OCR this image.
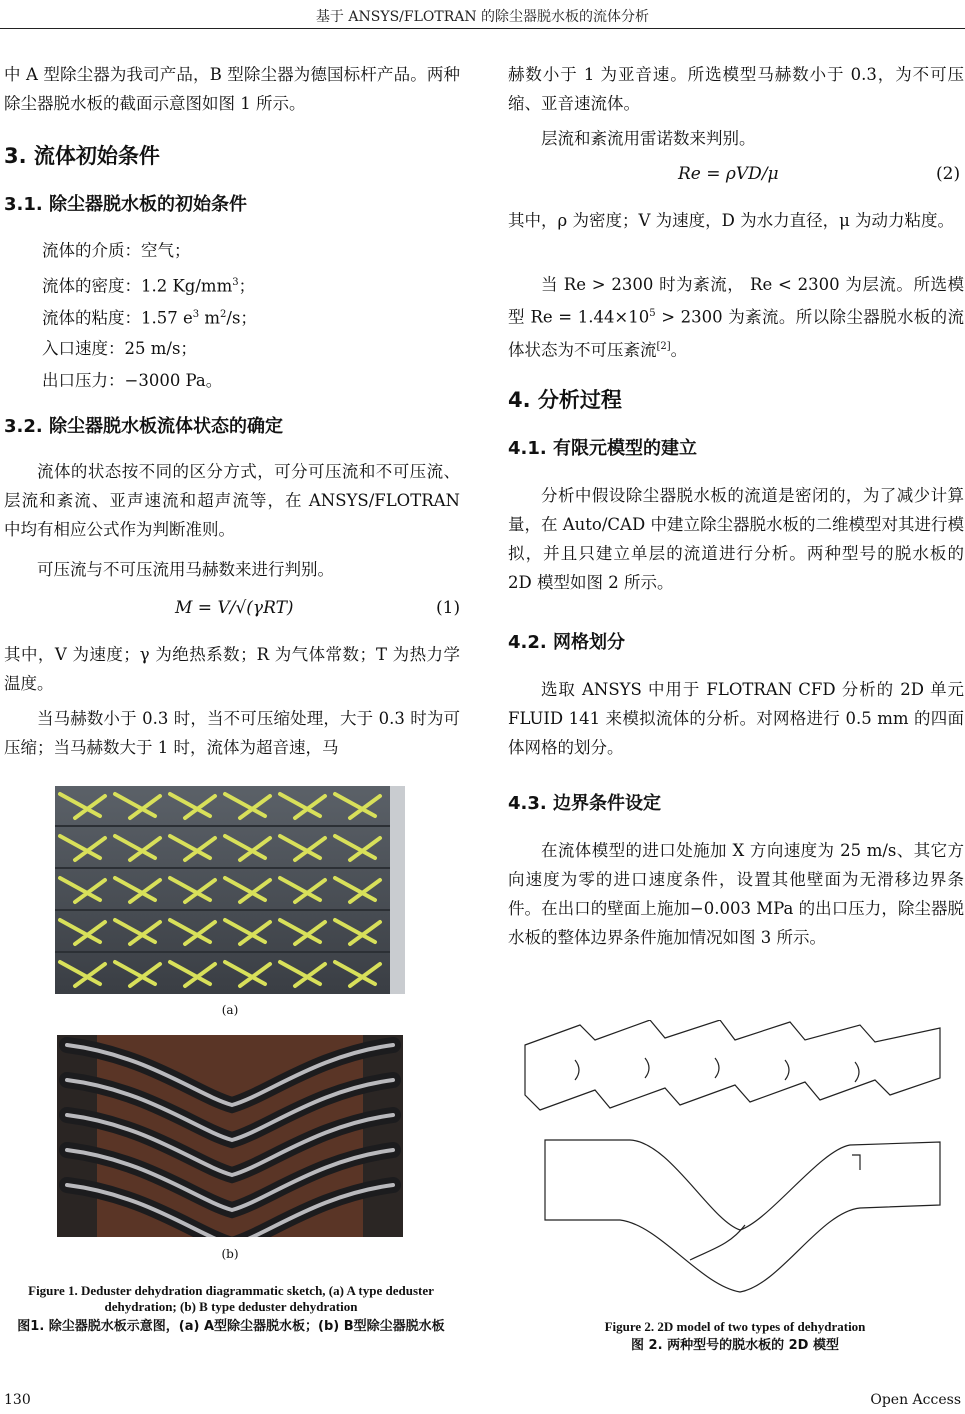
基于 ANSYS/FLOTRAN 的除尘器脱水板的流体分析

中 A 型除尘器为我司产品，B 型除尘器为德国标杆产品。两种除尘器脱水板的截面示意图如图 1 所示。

3. 流体初始条件
3.1. 除尘器脱水板的初始条件
流体的介质：空气；
流体的密度：1.2 $Kg/mm^3$；
流体的粘度：1.57 $e^3$ $m^2/s$；
入口速度：25 m/s；
出口压力：−3000 Pa。
3.2. 除尘器脱水板流体状态的确定

流体的状态按不同的区分方式，可分可压流和不可压流、层流和紊流、亚声速流和超声流等，在 ANSYS/FLOTRAN 中均有相应公式作为判断准则。

可压流与不可压流用马赫数来进行判别。

M = V/√(γRT)	(1)

其中，V 为速度；γ 为绝热系数；R 为气体常数；T 为热力学温度。

当马赫数小于 0.3 时，当不可压缩处理，大于 0.3 时为可压缩；当马赫数大于 1 时，流体为超音速，马

(a)
(b)
Figure 1. Deduster dehydration diagrammatic sketch, (a) A type deduster dehydration; (b) B type deduster dehydration
图1. 除尘器脱水板示意图，(a) A型除尘器脱水板；(b) B型除尘器脱水板

赫数小于 1 为亚音速。所选模型马赫数小于 0.3，为不可压缩、亚音速流体。

层流和紊流用雷诺数来判别。

Re = ρVD/μ	(2)

其中，ρ 为密度；V 为速度，D 为水力直径，μ 为动力粘度。

当 Re > 2300 时为紊流， Re < 2300 为层流。所选模型 $Re = 1.44\times 10^5 > 2300$ 为紊流。所以除尘器脱水板的流体状态为不可压紊流[2]。

4. 分析过程
4.1. 有限元模型的建立

分析中假设除尘器脱水板的流道是密闭的，为了减少计算量，在 Auto/CAD 中建立除尘器脱水板的二维模型对其进行模拟，并且只建立单层的流道进行分析。两种型号的脱水板的 2D 模型如图 2 所示。

4.2. 网格划分

选取 ANSYS 中用于 FLOTRAN CFD 分析的 2D 单元 FLUID 141 来模拟流体的分析。对网格进行 0.5 mm 的四面体网格的划分。

4.3. 边界条件设定

在流体模型的进口处施加 X 方向速度为 25 m/s、其它方向速度为零的进口速度条件，设置其他壁面为无滑移边界条件。在出口的壁面上施加−0.003 MPa 的出口压力，除尘器脱水板的整体边界条件施加情况如图 3 所示。

Figure 2. 2D model of two types of dehydration
图 2. 两种型号的脱水板的 2D 模型
130	Open Access
